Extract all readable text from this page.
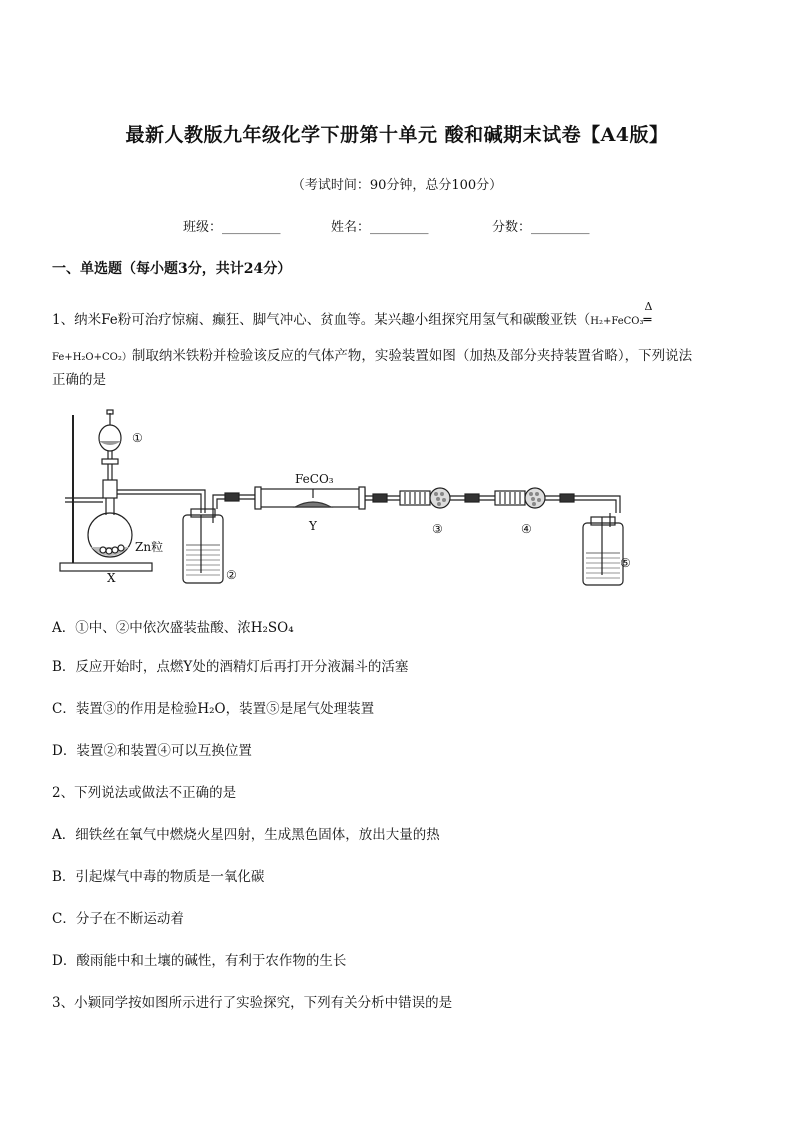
最新人教版九年级化学下册第十单元 酸和碱期末试卷【A4版】
（考试时间：90分钟，总分100分）
班级：_________	姓名：_________	分数：_________
一、单选题（每小题3分，共计24分）
1、纳米Fe粉可治疗惊痫、癫狂、脚气冲心、贫血等。某兴趣小组探究用氢气和碳酸亚铁（H₂+FeCO₃
Δ
═
Fe+H₂O+CO₂）制取纳米铁粉并检验该反应的气体产物，实验装置如图（加热及部分夹持装置省略），下列说法
正确的是
①
Zn粒
X	②
FeCO₃
Y	③	④
⑤
A．①中、②中依次盛装盐酸、浓H₂SO₄
B．反应开始时，点燃Y处的酒精灯后再打开分液漏斗的活塞
C．装置③的作用是检验H₂O，装置⑤是尾气处理装置
D．装置②和装置④可以互换位置
2、下列说法或做法不正确的是
A．细铁丝在氧气中燃烧火星四射，生成黑色固体，放出大量的热
B．引起煤气中毒的物质是一氧化碳
C．分子在不断运动着
D．酸雨能中和土壤的碱性，有利于农作物的生长
3、小颖同学按如图所示进行了实验探究，下列有关分析中错误的是
